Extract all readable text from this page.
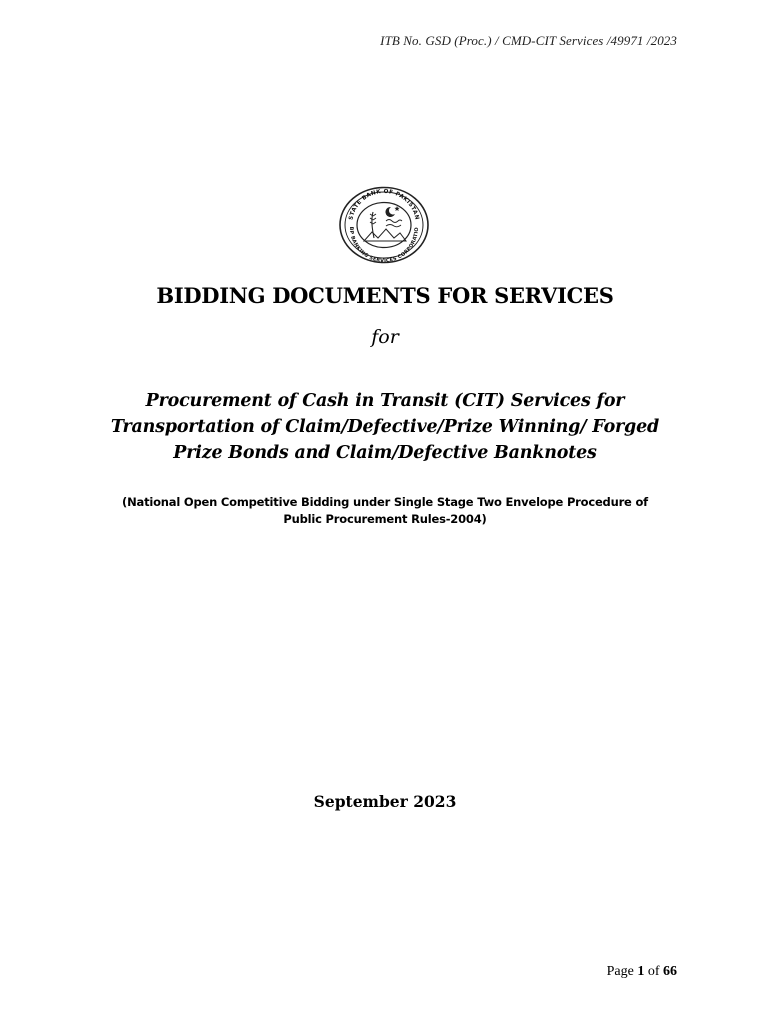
ITB No. GSD (Proc.) / CMD-CIT Services /49971 /2023
STATE BANK OF PAKISTAN
BP BANKING SERVICES CORPORATIO
BIDDING DOCUMENTS FOR SERVICES
for
Procurement of Cash in Transit (CIT) Services for
Transportation of Claim/Defective/Prize Winning/ Forged
Prize Bonds and Claim/Defective Banknotes
(National Open Competitive Bidding under Single Stage Two Envelope Procedure of
Public Procurement Rules-2004)
September 2023
Page 1 of 66
